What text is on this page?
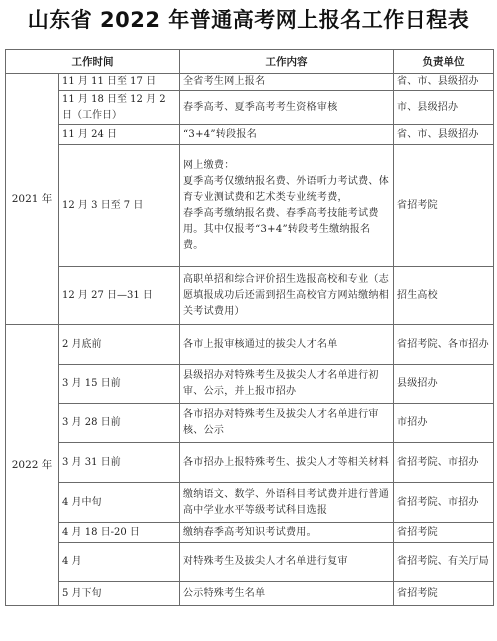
山东省 2022 年普通高考网上报名工作日程表
工作时间		工作内容	负责单位
2021 年	11 月 11 日至 17 日	全省考生网上报名	省、市、县级招办
	11 月 18 日至 12 月 2 日（工作日）	春季高考、夏季高考考生资格审核	市、县级招办
	11 月 24 日	“3+4”转段报名	省、市、县级招办
	12 月 3 日至 7 日	网上缴费：
夏季高考仅缴纳报名费、外语听力考试费、体育专业测试费和艺术类专业统考费，
春季高考缴纳报名费、春季高考技能考试费用。其中仅报考“3+4”转段考生缴纳报名费。	省招考院
	12 月 27 日—31 日	高职单招和综合评价招生选报高校和专业（志愿填报成功后还需到招生高校官方网站缴纳相关考试费用）	招生高校
2022 年	2 月底前	各市上报审核通过的拔尖人才名单	省招考院、各市招办
	3 月 15 日前	县级招办对特殊考生及拔尖人才名单进行初审、公示，并上报市招办	县级招办
	3 月 28 日前	各市招办对特殊考生及拔尖人才名单进行审核、公示	市招办
	3 月 31 日前	各市招办上报特殊考生、拔尖人才等相关材料	省招考院、市招办
	4 月中旬	缴纳语文、数学、外语科目考试费并进行普通高中学业水平等级考试科目选报	省招考院、市招办
	4 月 18 日-20 日	缴纳春季高考知识考试费用。	省招考院
	4 月	对特殊考生及拔尖人才名单进行复审	省招考院、有关厅局
	5 月下旬	公示特殊考生名单	省招考院
